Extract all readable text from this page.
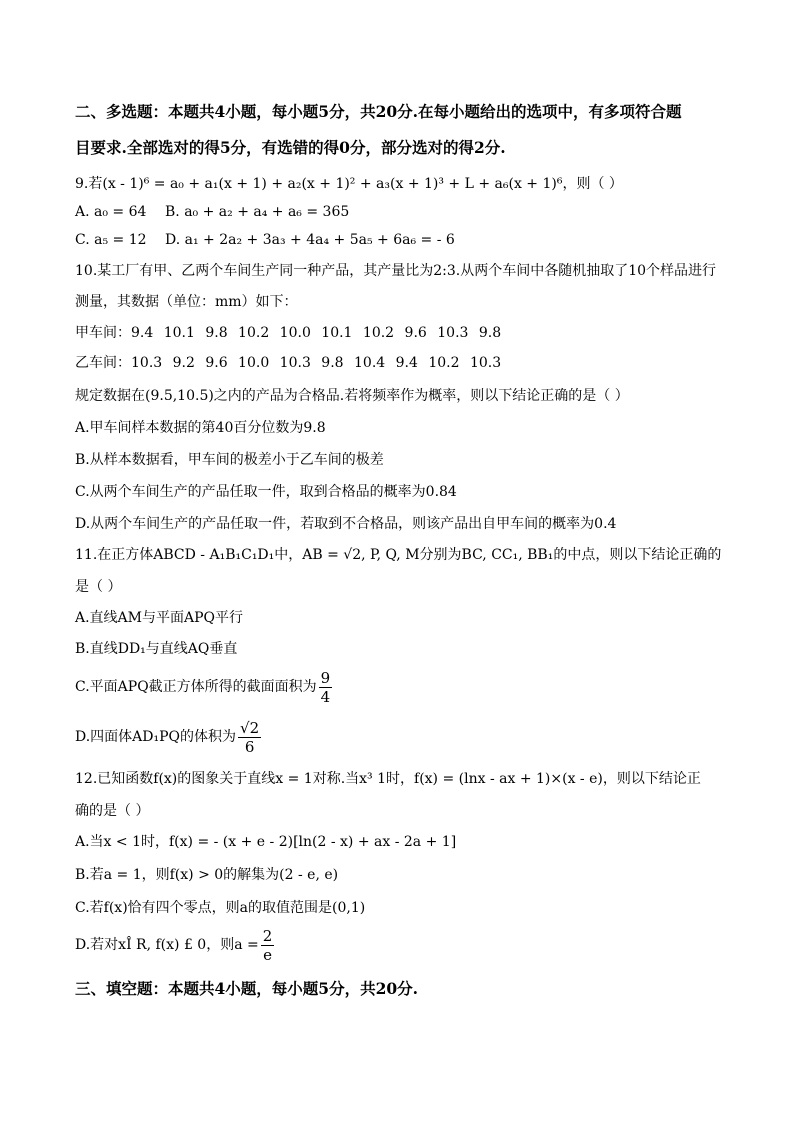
二、多选题：本题共4小题，每小题5分，共20分.在每小题给出的选项中，有多项符合题
目要求.全部选对的得5分，有选错的得0分，部分选对的得2分.
9.若(x - 1)⁶ = a₀ + a₁(x + 1) + a₂(x + 1)² + a₃(x + 1)³ + L + a₆(x + 1)⁶，则（ ）
A. a₀ = 64 B. a₀ + a₂ + a₄ + a₆ = 365
C. a₅ = 12 D. a₁ + 2a₂ + 3a₃ + 4a₄ + 5a₅ + 6a₆ = - 6
10.某工厂有甲、乙两个车间生产同一种产品，其产量比为2:3.从两个车间中各随机抽取了10个样品进行
测量，其数据（单位：mm）如下：
甲车间：9.4 10.1 9.8 10.2 10.0 10.1 10.2 9.6 10.3 9.8
乙车间：10.3 9.2 9.6 10.0 10.3 9.8 10.4 9.4 10.2 10.3
规定数据在(9.5,10.5)之内的产品为合格品.若将频率作为概率，则以下结论正确的是（ ）
A.甲车间样本数据的第40百分位数为9.8
B.从样本数据看，甲车间的极差小于乙车间的极差
C.从两个车间生产的产品任取一件，取到合格品的概率为0.84
D.从两个车间生产的产品任取一件，若取到不合格品，则该产品出自甲车间的概率为0.4
11.在正方体ABCD - A₁B₁C₁D₁中，AB = √2, P, Q, M分别为BC, CC₁, BB₁的中点，则以下结论正确的
是（ ）
A.直线AM与平面APQ平行
B.直线DD₁与直线AQ垂直
C.平面APQ截正方体所得的截面面积为 $\frac{9}{4}$
D.四面体AD₁PQ的体积为 $\frac{√2}{6}$
12.已知函数f(x)的图象关于直线x = 1对称.当x³ 1时，f(x) = (lnx - ax + 1)×(x - e)，则以下结论正
确的是（ ）
A.当x < 1时，f(x) = - (x + e - 2)[ln(2 - x) + ax - 2a + 1]
B.若a = 1，则f(x) > 0的解集为(2 - e, e)
C.若f(x)恰有四个零点，则a的取值范围是(0,1)
D.若对xÎ R, f(x) £ 0，则$a = \frac{2}{e}$
三、填空题：本题共4小题，每小题5分，共20分.
